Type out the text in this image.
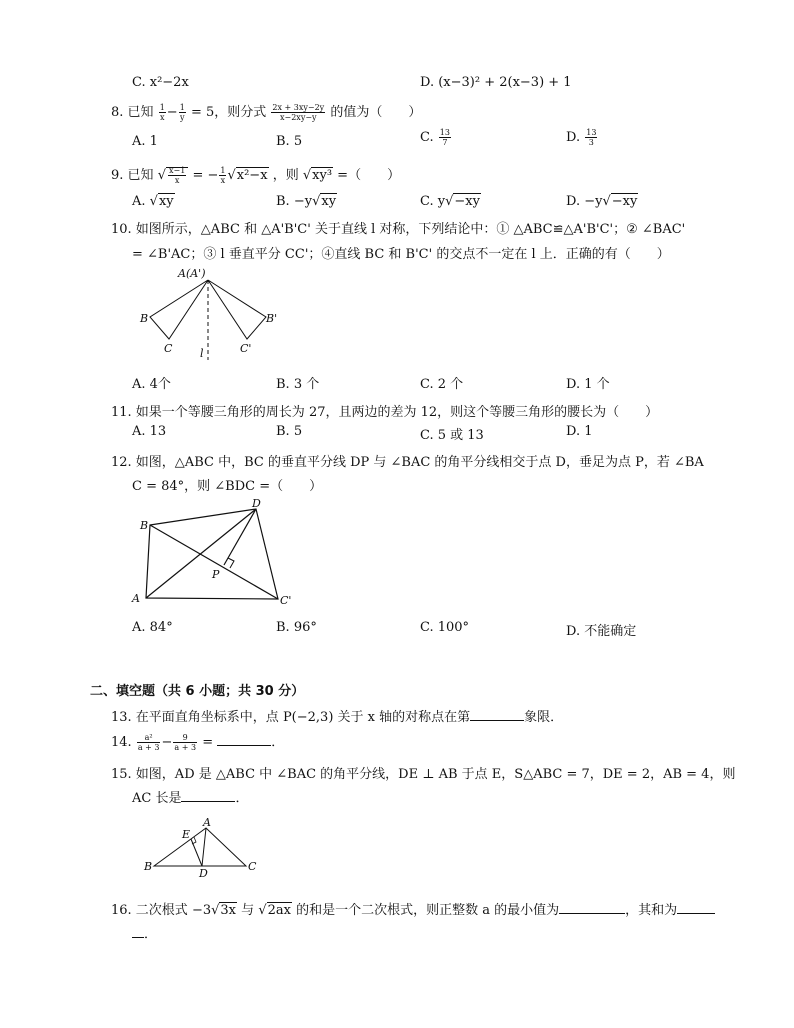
C. x²−2x	D. (x−3)² + 2(x−3) + 1
8. 已知 $\frac{1}{x} - \frac{1}{y} = 5$，则分式 $\frac{2x + 3xy-2y}{x-2xy-y}$ 的值为（　　）
A. 1	B. 5	C. $\frac{13}{7}$	D. $\frac{13}{3}$
9. 已知 √ $\frac{x-1}{x}$ = − $\frac{1}{x} √x^2-x$ ，则 √xy³ =（　　）
A. √xy	B. −y√xy	C. y√−xy	D. −y√−xy
10. 如图所示，△ABC 和 △A'B'C' 关于直线 l 对称，下列结论中：① △ABC≌△A'B'C'；② ∠BAC'
= ∠B'AC；③ l 垂直平分 CC'；④直线 BC 和 B'C' 的交点不一定在 l 上．正确的有（　　）
A(A')
B
C
B'
C'
l
A. 4个	B. 3 个	C. 2 个	D. 1 个
11. 如果一个等腰三角形的周长为 27，且两边的差为 12，则这个等腰三角形的腰长为（　　）
A. 13	B. 5	C. 5 或 13	D. 1
12. 如图，△ABC 中，BC 的垂直平分线 DP 与 ∠BAC 的角平分线相交于点 D，垂足为点 P，若 ∠BA
C = 84°，则 ∠BDC =（　　）
B
D
P
A	C'
A. 84°	B. 96°	C. 100°	D. 不能确定
二、填空题（共 6 小题；共 30 分）
13. 在平面直角坐标系中，点 P(−2,3) 关于 x 轴的对称点在第	象限．
14. $\frac{\text{a²}}{a + 3} - \frac{9}{a + 3}$ =	．
15. 如图，AD 是 △ABC 中 ∠BAC 的角平分线，DE ⊥ AB 于点 E，S△ABC = 7，DE = 2，AB = 4，则
AC 长是	．
A
E
B
D
C
16. 二次根式 −3√3x 与 √2ax 的和是一个二次根式，则正整数 a 的最小值为	，其和为
．
